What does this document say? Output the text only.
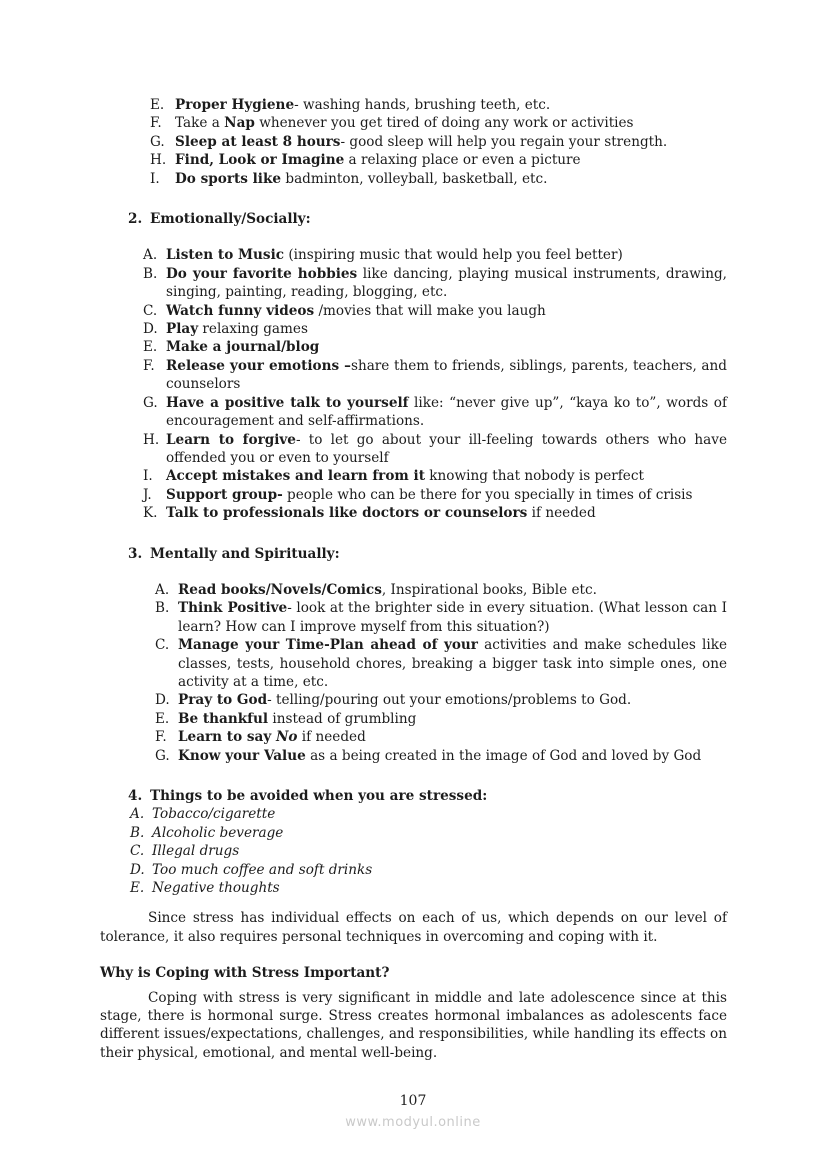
E. Proper Hygiene- washing hands, brushing teeth, etc.
F. Take a Nap whenever you get tired of doing any work or activities
G. Sleep at least 8 hours- good sleep will help you regain your strength.
H. Find, Look or Imagine a relaxing place or even a picture
I. Do sports like badminton, volleyball, basketball, etc.
2. Emotionally/Socially:
A. Listen to Music (inspiring music that would help you feel better)
B. Do your favorite hobbies like dancing, playing musical instruments, drawing, singing, painting, reading, blogging, etc.
C. Watch funny videos /movies that will make you laugh
D. Play relaxing games
E. Make a journal/blog
F. Release your emotions –share them to friends, siblings, parents, teachers, and counselors
G. Have a positive talk to yourself like: “never give up”, “kaya ko to”, words of encouragement and self-affirmations.
H. Learn to forgive- to let go about your ill-feeling towards others who have offended you or even to yourself
I. Accept mistakes and learn from it knowing that nobody is perfect
J. Support group- people who can be there for you specially in times of crisis
K. Talk to professionals like doctors or counselors if needed
3. Mentally and Spiritually:
A. Read books/Novels/Comics, Inspirational books, Bible etc.
B. Think Positive- look at the brighter side in every situation. (What lesson can I learn? How can I improve myself from this situation?)
C. Manage your Time-Plan ahead of your activities and make schedules like classes, tests, household chores, breaking a bigger task into simple ones, one activity at a time, etc.
D. Pray to God- telling/pouring out your emotions/problems to God.
E. Be thankful instead of grumbling
F. Learn to say No if needed
G. Know your Value as a being created in the image of God and loved by God
4. Things to be avoided when you are stressed:
A. Tobacco/cigarette
B. Alcoholic beverage
C. Illegal drugs
D. Too much coffee and soft drinks
E. Negative thoughts

Since stress has individual effects on each of us, which depends on our level of tolerance, it also requires personal techniques in overcoming and coping with it.

Why is Coping with Stress Important?

Coping with stress is very significant in middle and late adolescence since at this stage, there is hormonal surge. Stress creates hormonal imbalances as adolescents face different issues/expectations, challenges, and responsibilities, while handling its effects on their physical, emotional, and mental well-being.

107
www.modyul.online
